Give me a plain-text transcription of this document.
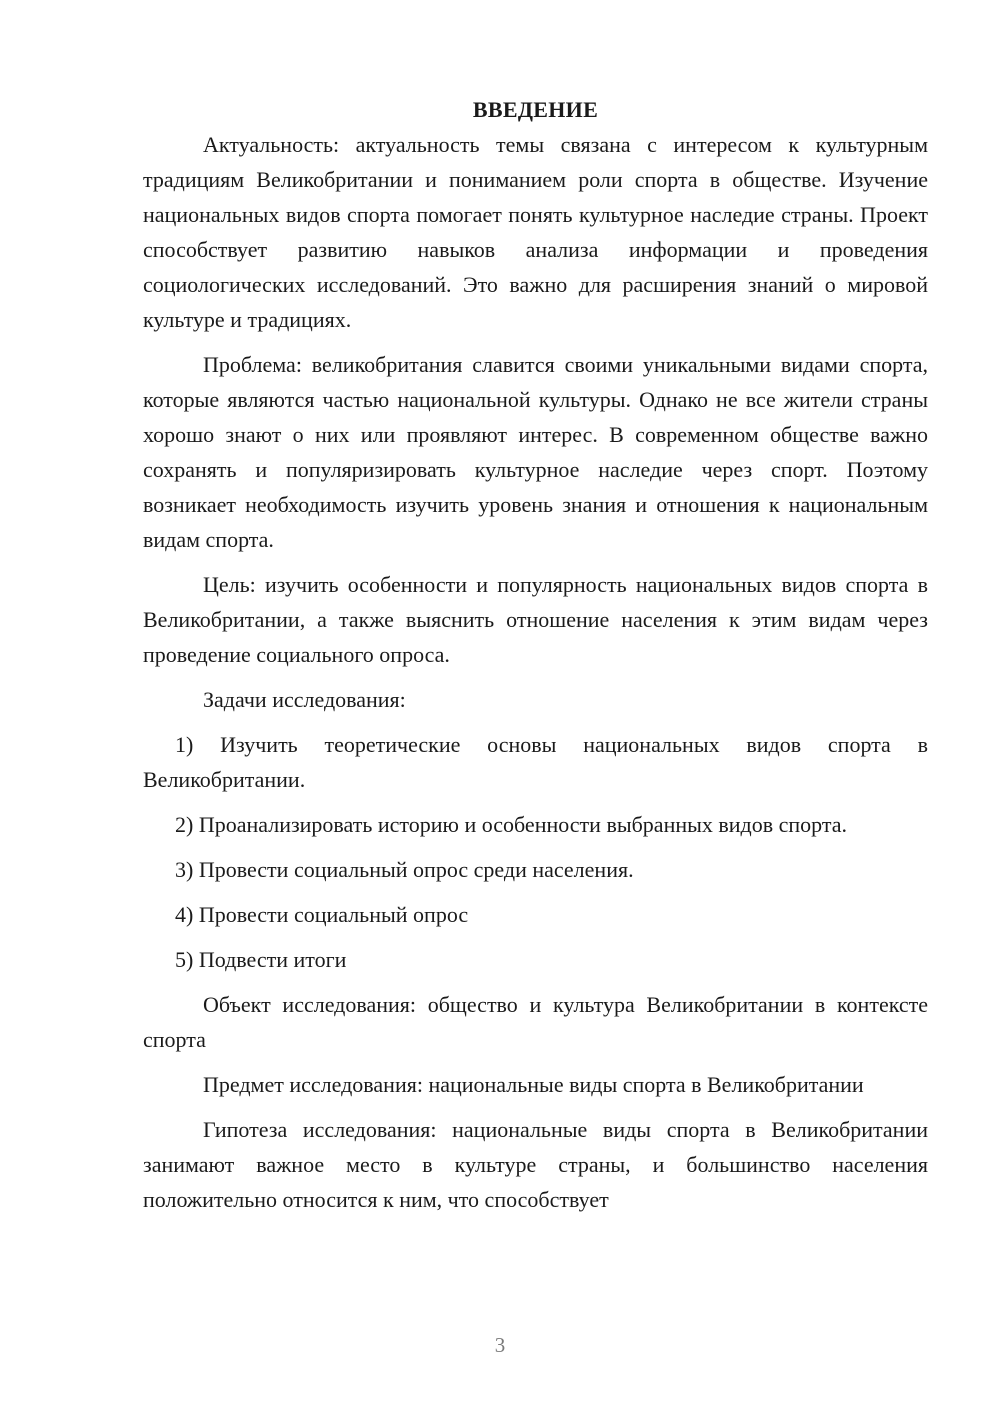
ВВЕДЕНИЕ

Актуальность: актуальность темы связана с интересом к культурным традициям Великобритании и пониманием роли спорта в обществе. Изучение национальных видов спорта помогает понять культурное наследие страны. Проект способствует развитию навыков анализа информации и проведения социологических исследований. Это важно для расширения знаний о мировой культуре и традициях.

Проблема: великобритания славится своими уникальными видами спорта, которые являются частью национальной культуры. Однако не все жители страны хорошо знают о них или проявляют интерес. В современном обществе важно сохранять и популяризировать культурное наследие через спорт. Поэтому возникает необходимость изучить уровень знания и отношения к национальным видам спорта.

Цель: изучить особенности и популярность национальных видов спорта в Великобритании, а также выяснить отношение населения к этим видам через проведение социального опроса.

Задачи исследования:

1) Изучить теоретические основы национальных видов спорта в Великобритании.

2) Проанализировать историю и особенности выбранных видов спорта.

3) Провести социальный опрос среди населения.

4) Провести социальный опрос

5) Подвести итоги

Объект исследования: общество и культура Великобритании в контексте спорта

Предмет исследования: национальные виды спорта в Великобритании

Гипотеза исследования: национальные виды спорта в Великобритании занимают важное место в культуре страны, и большинство населения положительно относится к ним, что способствует

3
